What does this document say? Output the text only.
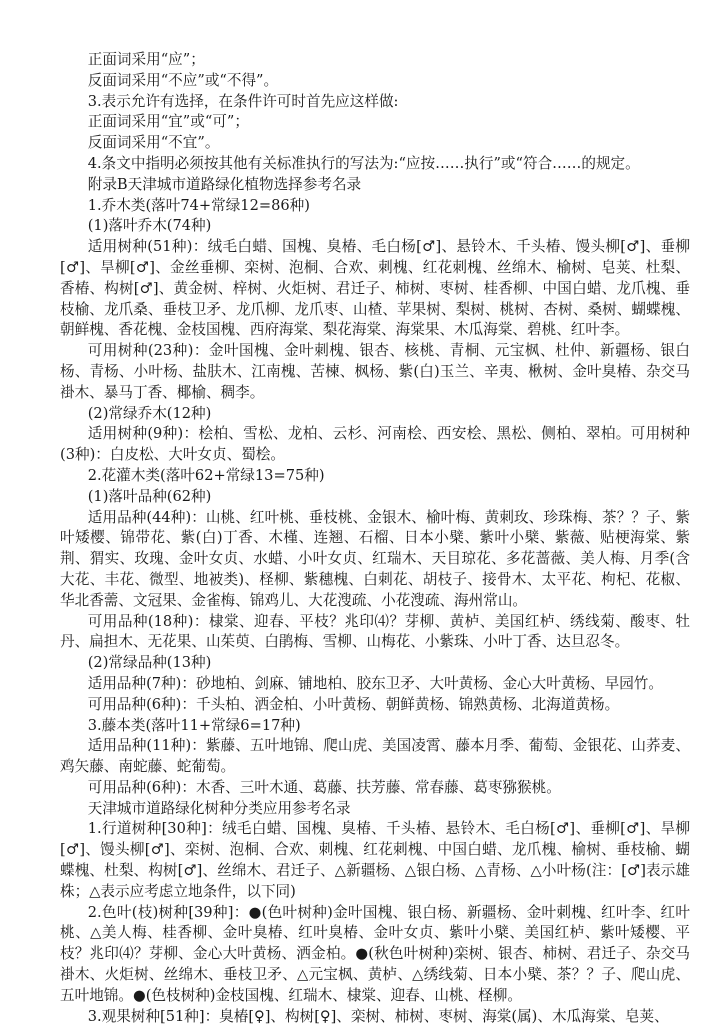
正面词采用“应”；

反面词采用“不应”或“不得”。

3.表示允许有选择，在条件许可时首先应这样做:

正面词采用“宜”或“可”；

反面词采用“不宜”。

4.条文中指明必须按其他有关标准执行的写法为:“应按……执行”或“符合……的规定。

附录B天津城市道路绿化植物选择参考名录

1.乔木类(落叶74+常绿12=86种)

(1)落叶乔木(74种)

适用树种(51种)：绒毛白蜡、国槐、臭椿、毛白杨[♂]、悬铃木、千头椿、馒头柳[♂]、垂柳[♂]、旱柳[♂]、金丝垂柳、栾树、泡桐、合欢、刺槐、红花刺槐、丝绵木、榆树、皂荚、杜梨、香椿、构树[♂]、黄金树、梓树、火炬树、君迁子、柿树、枣树、桂香柳、中国白蜡、龙爪槐、垂枝榆、龙爪桑、垂枝卫矛、龙爪柳、龙爪枣、山楂、苹果树、梨树、桃树、杏树、桑树、蝴蝶槐、朝鲜槐、香花槐、金枝国槐、西府海棠、梨花海棠、海棠果、木瓜海棠、碧桃、红叶李。

可用树种(23种)：金叶国槐、金叶刺槐、银杏、核桃、青桐、元宝枫、杜仲、新疆杨、银白杨、青杨、小叶杨、盐肤木、江南槐、苦楝、枫杨、紫(白)玉兰、辛夷、楸树、金叶臭椿、杂交马褂木、暴马丁香、椰榆、稠李。

(2)常绿乔木(12种)

适用树种(9种)：桧柏、雪松、龙柏、云杉、河南桧、西安桧、黑松、侧柏、翠柏。可用树种(3种)：白皮松、大叶女贞、蜀桧。

2.花灌木类(落叶62+常绿13=75种)

(1)落叶品种(62种)

适用品种(44种)：山桃、红叶桃、垂枝桃、金银木、榆叶梅、黄刺玫、珍珠梅、茶？？子、紫叶矮樱、锦带花、紫(白)丁香、木槿、连翘、石榴、日本小檗、紫叶小檗、紫薇、贴梗海棠、紫荆、猬实、玫瑰、金叶女贞、水蜡、小叶女贞、红瑞木、天目琼花、多花蔷薇、美人梅、月季(含大花、丰花、微型、地被类)、柽柳、紫穗槐、白刺花、胡枝子、接骨木、太平花、枸杞、花椒、华北香薷、文冠果、金雀梅、锦鸡儿、大花溲疏、小花溲疏、海州常山。

可用品种(18种)：棣棠、迎春、平枝？兆印⑷？芽柳、黄栌、美国红栌、绣线菊、酸枣、牡丹、扁担木、无花果、山茱萸、白鹃梅、雪柳、山梅花、小紫珠、小叶丁香、达旦忍冬。

(2)常绿品种(13种)

适用品种(7种)：砂地柏、剑麻、铺地柏、胶东卫矛、大叶黄杨、金心大叶黄杨、早园竹。

可用品种(6种)：千头柏、洒金柏、小叶黄杨、朝鲜黄杨、锦熟黄杨、北海道黄杨。

3.藤本类(落叶11+常绿6=17种)

适用品种(11种)：紫藤、五叶地锦、爬山虎、美国凌霄、藤本月季、葡萄、金银花、山荞麦、鸡矢藤、南蛇藤、蛇葡萄。

可用品种(6种)：木香、三叶木通、葛藤、扶芳藤、常春藤、葛枣猕猴桃。

天津城市道路绿化树种分类应用参考名录

1.行道树种[30种]：绒毛白蜡、国槐、臭椿、千头椿、悬铃木、毛白杨[♂]、垂柳[♂]、旱柳[♂]、馒头柳[♂]、栾树、泡桐、合欢、刺槐、红花刺槐、中国白蜡、龙爪槐、榆树、垂枝榆、蝴蝶槐、杜梨、构树[♂]、丝绵木、君迁子、△新疆杨、△银白杨、△青杨、△小叶杨(注：[♂]表示雄株；△表示应考虑立地条件，以下同)

2.色叶(枝)树种[39种]：●(色叶树种)金叶国槐、银白杨、新疆杨、金叶刺槐、红叶李、红叶桃、△美人梅、桂香柳、金叶臭椿、红叶臭椿、金叶女贞、紫叶小檗、美国红栌、紫叶矮樱、平枝？兆印⑷？芽柳、金心大叶黄杨、洒金柏。●(秋色叶树种)栾树、银杏、柿树、君迁子、杂交马褂木、火炬树、丝绵木、垂枝卫矛、△元宝枫、黄栌、△绣线菊、日本小檗、茶？？子、爬山虎、五叶地锦。●(色枝树种)金枝国槐、红瑞木、棣棠、迎春、山桃、柽柳。

3.观果树种[51种]：臭椿[♀]、构树[♀]、栾树、柿树、枣树、海棠(属)、木瓜海棠、皂荚、
